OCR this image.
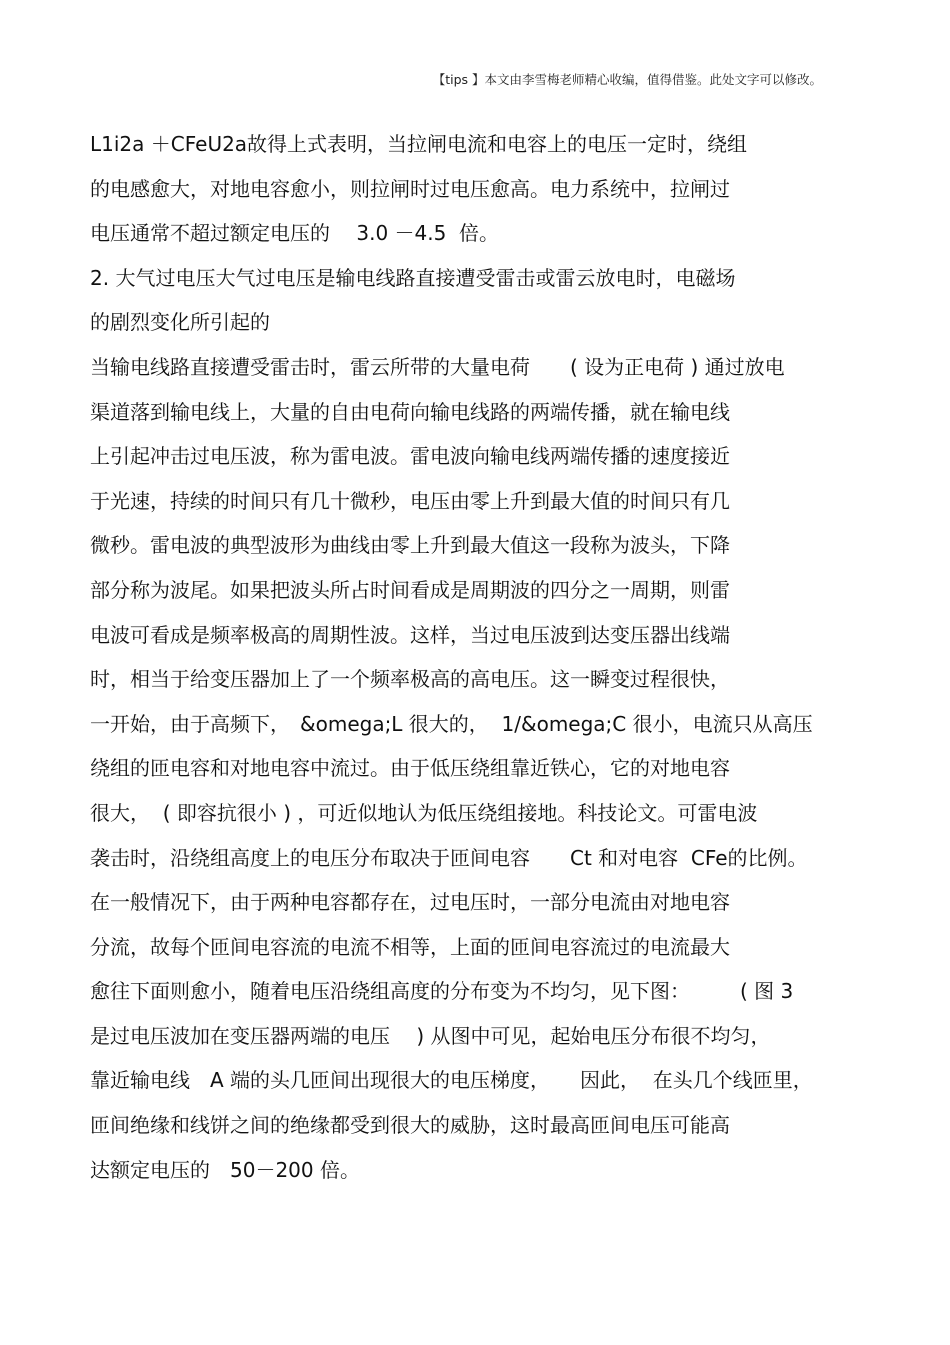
【tips 】本文由李雪梅老师精心收编，值得借鉴。此处文字可以修改。
L1i2a ＋CFeU2a故得上式表明，当拉闸电流和电容上的电压一定时，绕组
的电感愈大，对地电容愈小，则拉闸时过电压愈高。电力系统中，拉闸过
电压通常不超过额定电压的　 3.0 －4.5  倍。
2. 大气过电压大气过电压是输电线路直接遭受雷击或雷云放电时，电磁场
的剧烈变化所引起的
当输电线路直接遭受雷击时，雷云所带的大量电荷　　( 设为正电荷 ) 通过放电
渠道落到输电线上，大量的自由电荷向输电线路的两端传播，就在输电线
上引起冲击过电压波，称为雷电波。雷电波向输电线两端传播的速度接近
于光速，持续的时间只有几十微秒，电压由零上升到最大值的时间只有几
微秒。雷电波的典型波形为曲线由零上升到最大值这一段称为波头，下降
部分称为波尾。如果把波头所占时间看成是周期波的四分之一周期，则雷
电波可看成是频率极高的周期性波。这样，当过电压波到达变压器出线端
时，相当于给变压器加上了一个频率极高的高电压。这一瞬变过程很快，
一开始，由于高频下，　&omega;L 很大的，  1/&omega;C 很小，电流只从高压
绕组的匝电容和对地电容中流过。由于低压绕组靠近铁心，它的对地电容
很大，  ( 即容抗很小 ) ，可近似地认为低压绕组接地。科技论文。可雷电波
袭击时，沿绕组高度上的电压分布取决于匝间电容　　Ct 和对电容  CFe的比例。
在一般情况下，由于两种电容都存在，过电压时，一部分电流由对地电容
分流，故每个匝间电容流的电流不相等，上面的匝间电容流过的电流最大
愈往下面则愈小，随着电压沿绕组高度的分布变为不均匀，见下图：　　　( 图 3
是过电压波加在变压器两端的电压　 ) 从图中可见，起始电压分布很不均匀，
靠近输电线　A 端的头几匝间出现很大的电压梯度，　　因此，  在头几个线匝里，
匝间绝缘和线饼之间的绝缘都受到很大的威胁，这时最高匝间电压可能高
达额定电压的　50－200 倍。
